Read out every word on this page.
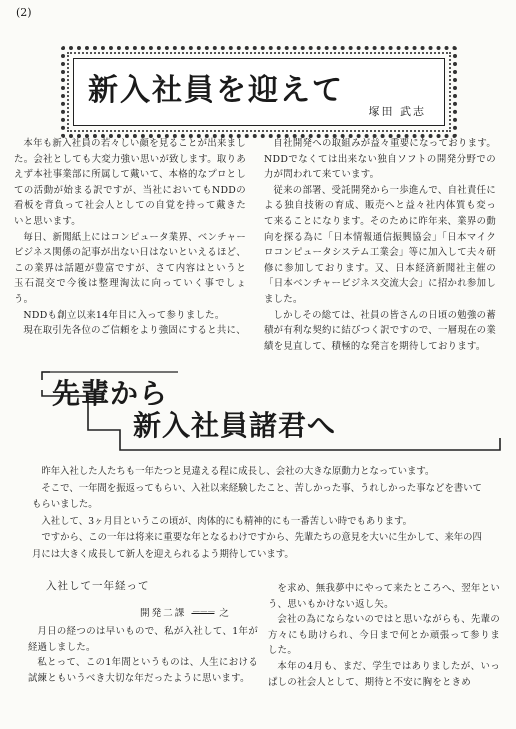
(2)
新入社員を迎えて
塚田 武志

本年も新入社員の若々しい顔を見ることが出来ました。会社としても大変力強い思いが致します。取りあえず本社事業部に所属して戴いて、本格的なプロとしての活動が始まる訳ですが、当社においてもNDDの看板を背負って社会人としての自覚を持って戴きたいと思います。

毎日、新聞紙上にはコンピュータ業界、ベンチャービジネス関係の記事が出ない日はないといえるほど、この業界は話題が豊富ですが、さて内容はというと玉石混交で今後は整理淘汰に向っていく事でしょう。

NDDも創立以来14年目に入って参りました。

現在取引先各位のご信頼をより強固にすると共に、

自社開発への取組みが益々重要になっております。NDDでなくては出来ない独自ソフトの開発分野での力が問われて来ています。

従来の部署、受託開発から一歩進んで、自社責任による独自技術の育成、販売へと益々社内体質も変って来ることになります。そのために昨年来、業界の動向を探る為に「日本情報通信振興協会」「日本マイクロコンピュータシステム工業会」等に加入して夫々研修に参加しております。又、日本経済新聞社主催の「日本ベンチャービジネス交流大会」に招かれ参加しました。

しかしその総ては、社員の皆さんの日頃の勉強の蓄積が有利な契約に結びつく訳ですので、一層現在の業績を見直して、積極的な発言を期待しております。

先輩から
新入社員諸君へ

昨年入社した人たちも一年たつと見違える程に成長し、会社の大きな原動力となっています。

そこで、一年間を振返ってもらい、入社以来経験したこと、苦しかった事、うれしかった事などを書いてもらいました。

入社して、3ヶ月目というこの頃が、肉体的にも精神的にも一番苦しい時でもあります。

ですから、この一年は将来に重要な年となるわけですから、先輩たちの意見を大いに生かして、来年の四月には大きく成長して新人を迎えられるよう期待しています。

入社して一年経って
開発二課 ＝＝＝ 之

月日の経つのは早いもので、私が入社して、1年が経過しました。

私とって、この1年間というものは、人生における試練ともいうべき大切な年だったように思います。

を求め、無我夢中にやって来たところへ、翌年という、思いもかけない返し矢。

会社の為にならないのではと思いながらも、先輩の方々にも助けられ、今日まで何とか頑張って参りました。

本年の4月も、まだ、学生ではありましたが、いっぱしの社会人として、期待と不安に胸をときめ
